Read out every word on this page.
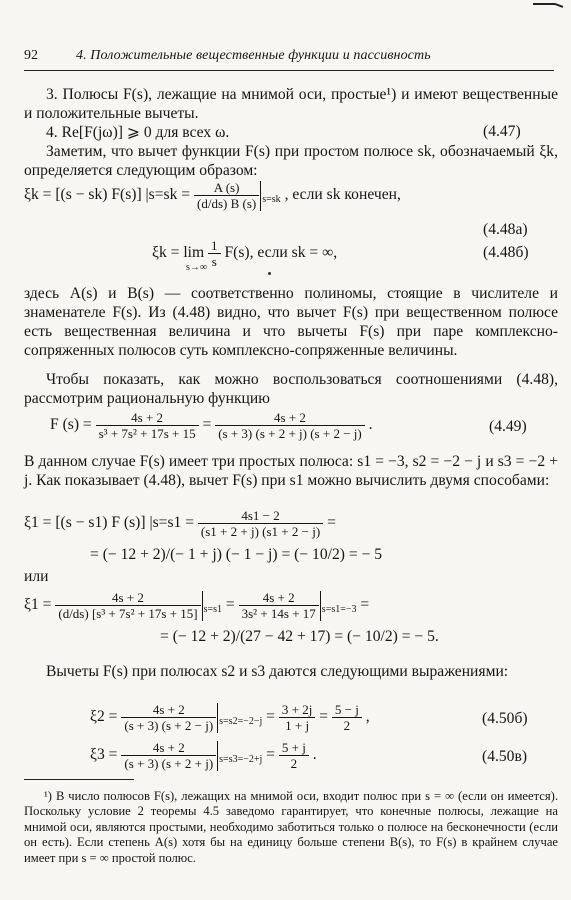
92	4. Положительные вещественные функции и пассивность
3. Полюсы F(s), лежащие на мнимой оси, простые¹) и имеют вещественные и положительные вычеты.
4. Re[F(jω)] ⩾ 0 для всех ω.	(4.47)
Заметим, что вычет функции F(s) при простом полюсе sk, обозначаемый ξk, определяется следующим образом:
ξk = [(s − sk) F(s)] $|s=sk = \frac{A (s)}{(d/ds) B (s)} _{s=sk}$ , если sk конечен,
(4.48a)
$\xi k = \lim \frac{1}{s} F(s)$, если sk = ∞,
s→∞
(4.48б)
здесь A(s) и B(s) — соответственно полиномы, стоящие в числителе и знаменателе F(s). Из (4.48) видно, что вычет F(s) при вещественном полюсе есть вещественная величина и что вычеты F(s) при паре комплексно-сопряженных полюсов суть комплексно-сопряженные величины.
Чтобы показать, как можно воспользоваться соотношениями (4.48), рассмотрим рациональную функцию
F $(s) = \frac{4s + 2}{\text{s³ + 7s² + 17s + 15}} = \frac{4s + 2}{(s + 3) (s + 2 + j) (s + 2 - j)}$ .	(4.49)
В данном случае F(s) имеет три простых полюса: s1 = −3, s2 = −2 − j и s3 = −2 + j. Как показывает (4.48), вычет F(s) при s1 можно вычислить двумя способами:
ξ1 = [(s − s1) F (s)] $|s=s1 = \frac{4s1 - 2}{(s1 + 2 + j) (s1 + 2 - j)}$ =
= (− 12 + 2)/(− 1 + j) (− 1 − j) = (− 10/2) = − 5
или
$\xi 1 = \frac{4s + 2}{\text{(d/ds) [s³ + 7s² + 17s + 15]}} _{s=s1} = \frac{4s + 2}{\text{3s² + 14s + 17}} _{s=s1=-3}$ =
= (− 12 + 2)/(27 − 42 + 17) = (− 10/2) = − 5.
Вычеты F(s) при полюсах s2 и s3 даются следующими выражениями:
$\xi 2 = \frac{4s + 2}{(s + 3) (s + 2 - j)} _{s=s2=-2-j} = \frac{3 + 2j}{1 + j} = \frac{5 - j}{2}$ ,	(4.50б)
$\xi 3 = \frac{4s + 2}{(s + 3) (s + 2 + j)} _{s=s3=-2+j} = \frac{5 + j}{2}$ .	(4.50в)
¹) В число полюсов F(s), лежащих на мнимой оси, входит полюс при s = ∞ (если он имеется). Поскольку условие 2 теоремы 4.5 заведомо гарантирует, что конечные полюсы, лежащие на мнимой оси, являются простыми, необходимо заботиться только о полюсе на бесконечности (если он есть). Если степень A(s) хотя бы на единицу больше степени B(s), то F(s) в крайнем случае имеет при s = ∞ простой полюс.
